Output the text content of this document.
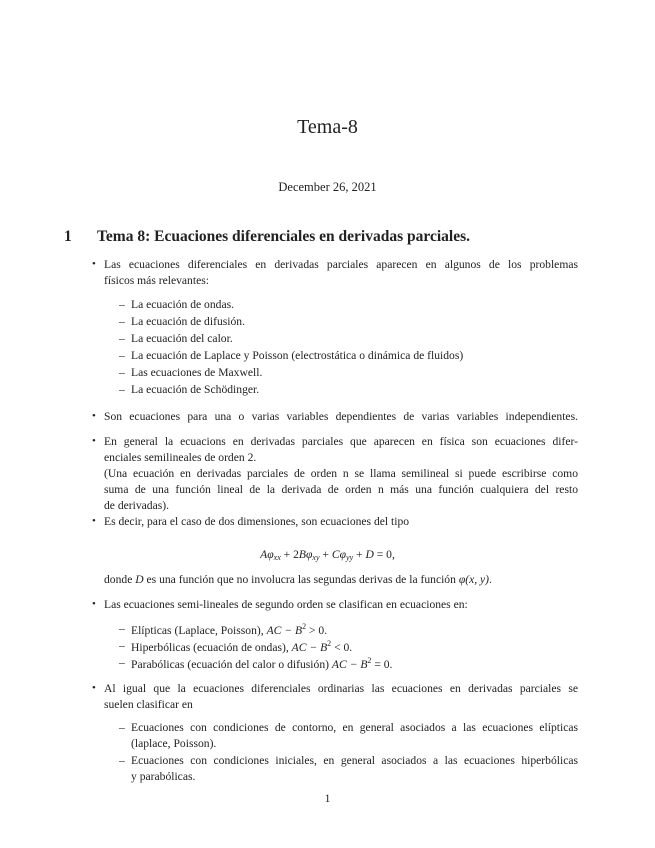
Tema-8
December 26, 2021
1 Tema 8: Ecuaciones diferenciales en derivadas parciales.
• Las ecuaciones diferenciales en derivadas parciales aparecen en algunos de los problemas
físicos más relevantes:
– La ecuación de ondas.
– La ecuación de difusión.
– La ecuación del calor.
– La ecuación de Laplace y Poisson (electrostática o dinámica de fluidos)
– Las ecuaciones de Maxwell.
– La ecuación de Schödinger.
• Son ecuaciones para una o varias variables dependientes de varias variables independientes.
• En general la ecuacions en derivadas parciales que aparecen en física son ecuaciones difer-
enciales semilineales de orden 2.
(Una ecuación en derivadas parciales de orden n se llama semilineal si puede escribirse como
suma de una función lineal de la derivada de orden n más una función cualquiera del resto
de derivadas).
• Es decir, para el caso de dos dimensiones, son ecuaciones del tipo
$A\varphi_{xx} + 2B\varphi_{xy} + C\varphi_{yy} + D = 0$,
donde D es una función que no involucra las segundas derivas de la función φ(x, y).
• Las ecuaciones semi-lineales de segundo orden se clasifican en ecuaciones en:
– Elípticas (Laplace, Poisson), AC − $B^2 > 0$.
– Hiperbólicas (ecuación de ondas), AC − $B^2 < 0$.
– Parabólicas (ecuación del calor o difusión) AC − $B^2 = 0$.
• Al igual que la ecuaciones diferenciales ordinarias las ecuaciones en derivadas parciales se
suelen clasificar en
– Ecuaciones con condiciones de contorno, en general asociados a las ecuaciones elípticas
(laplace, Poisson).
– Ecuaciones con condiciones iniciales, en general asociados a las ecuaciones hiperbólicas
y parabólicas.
1
